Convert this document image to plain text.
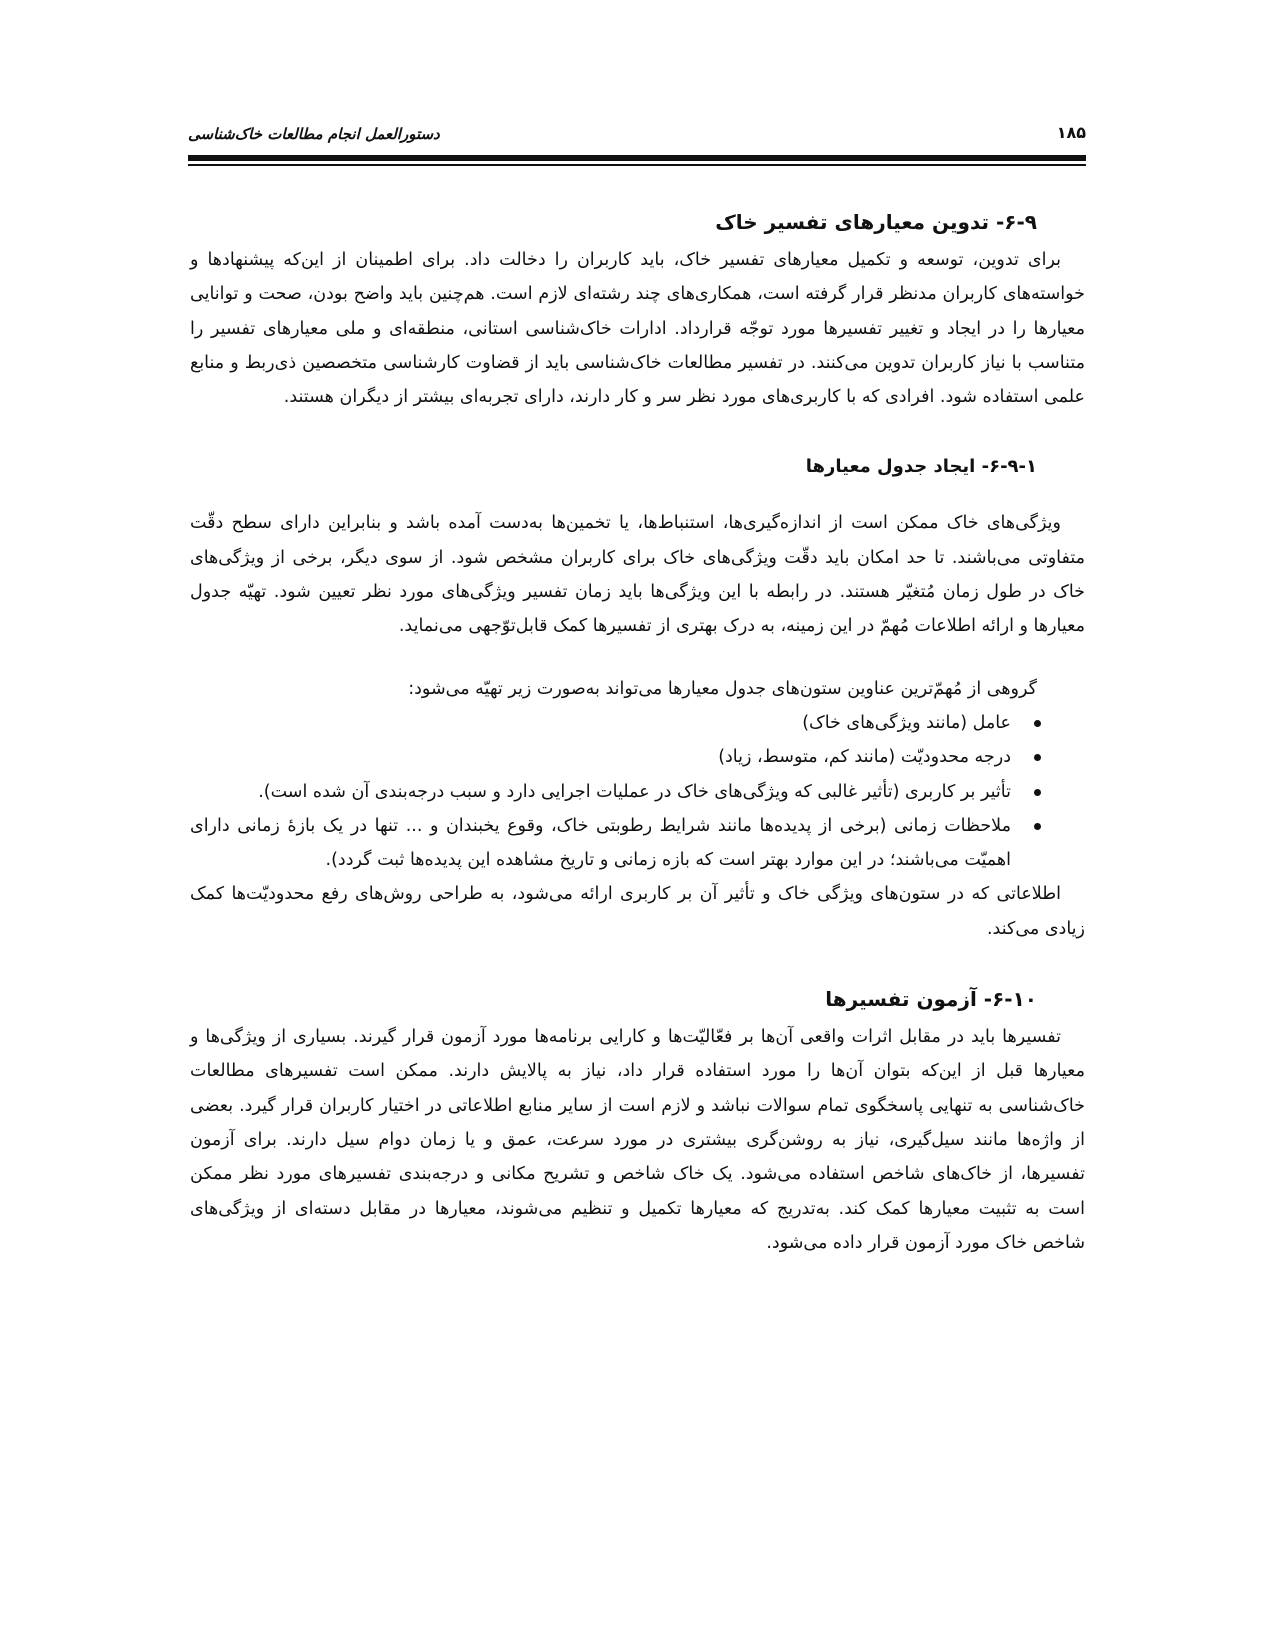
۱۸۵
دستورالعمل انجام مطالعات خاک‌شناسی
۶-۹- تدوین معیارهای تفسیر خاک

برای تدوین، توسعه و تکمیل معیارهای تفسیر خاک، باید کاربران را دخالت داد. برای اطمینان از این‌که پیشنهادها و خواسته‌های کاربران مدنظر قرار گرفته است، همکاری‌های چند رشته‌ای لازم است. هم‌چنین باید واضح بودن، صحت و توانایی معیارها را در ایجاد و تغییر تفسیرها مورد توجّه قرارداد. ادارات خاک‌شناسی استانی، منطقه‌ای و ملی معیارهای تفسیر را متناسب با نیاز کاربران تدوین می‌کنند. در تفسیر مطالعات خاک‌شناسی باید از قضاوت کارشناسی متخصصین ذی‌ربط و منابع علمی استفاده شود. افرادی که با کاربری‌های مورد نظر سر و کار دارند، دارای تجربه‌ای بیشتر از دیگران هستند.

۶-۹-۱- ایجاد جدول معیارها

ویژگی‌های خاک ممکن است از اندازه‌گیری‌ها، استنباط‌ها، یا تخمین‌ها به‌دست آمده باشد و بنابراین دارای سطح دقّت متفاوتی می‌باشند. تا حد امکان باید دقّت ویژگی‌های خاک برای کاربران مشخص شود. از سوی دیگر، برخی از ویژگی‌های خاک در طول زمان مُتغیّر هستند. در رابطه با این ویژگی‌ها باید زمان تفسیر ویژگی‌های مورد نظر تعیین شود. تهیّه جدول معیارها و ارائه اطلاعات مُهمّ در این زمینه، به درک بهتری از تفسیرها کمک قابل‌توّجهی می‌نماید.

گروهی از مُهمّ‌ترین عناوین ستون‌های جدول معیارها می‌تواند به‌صورت زیر تهیّه می‌شود:

عامل (مانند ویژگی‌های خاک)
درجه محدودیّت (مانند کم، متوسط، زیاد)
تأثیر بر کاربری (تأثیر غالبی که ویژگی‌های خاک در عملیات اجرایی دارد و سبب درجه‌بندی آن شده است).
ملاحظات زمانی (برخی از پدیده‌ها مانند شرایط رطوبتی خاک، وقوع یخبندان و ... تنها در یک بازهٔ زمانی دارای اهمیّت می‌باشند؛ در این موارد بهتر است که بازه زمانی و تاریخ مشاهده این پدیده‌ها ثبت گردد).

اطلاعاتی که در ستون‌های ویژگی خاک و تأثیر آن بر کاربری ارائه می‌شود، به طراحی روش‌های رفع محدودیّت‌ها کمک زیادی می‌کند.

۶-۱۰- آزمون تفسیرها

تفسیرها باید در مقابل اثرات واقعی آن‌ها بر فعّالیّت‌ها و کارایی برنامه‌ها مورد آزمون قرار گیرند. بسیاری از ویژگی‌ها و معیارها قبل از این‌که بتوان آن‌ها را مورد استفاده قرار داد، نیاز به پالایش دارند. ممکن است تفسیرهای مطالعات خاک‌شناسی به تنهایی پاسخگوی تمام سوالات نباشد و لازم است از سایر منابع اطلاعاتی در اختیار کاربران قرار گیرد. بعضی از واژه‌ها مانند سیل‌گیری، نیاز به روشن‌گری بیشتری در مورد سرعت، عمق و یا زمان دوام سیل دارند. برای آزمون تفسیرها، از خاک‌های شاخص استفاده می‌شود. یک خاک شاخص و تشریح مکانی و درجه‌بندی تفسیرهای مورد نظر ممکن است به تثبیت معیارها کمک کند. به‌تدریج که معیارها تکمیل و تنظیم می‌شوند، معیارها در مقابل دسته‌ای از ویژگی‌های شاخص خاک مورد آزمون قرار داده می‌شود.
